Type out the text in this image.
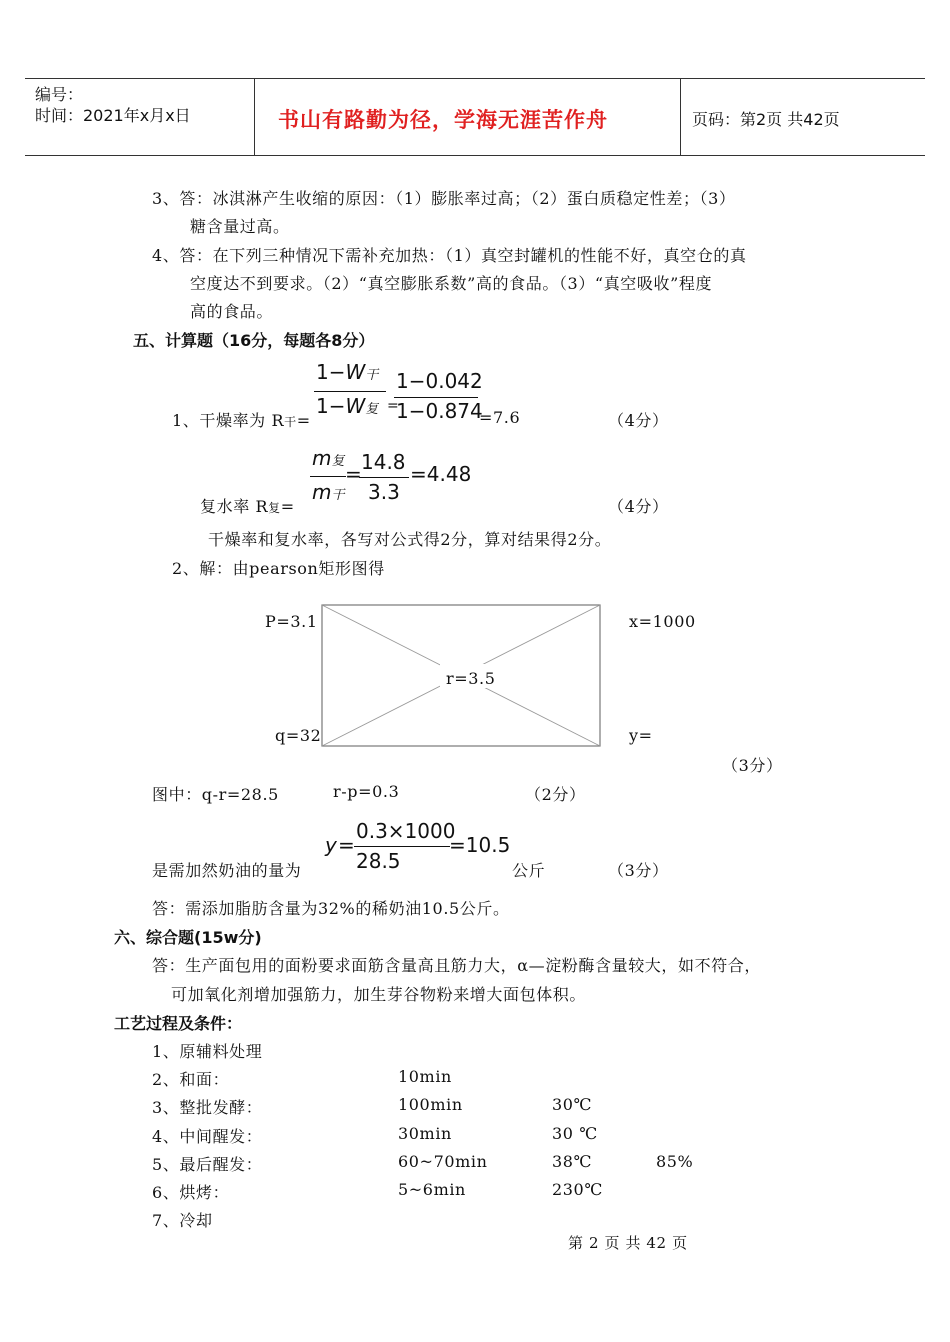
编号：
时间：2021年x月x日	书山有路勤为径，学海无涯苦作舟	页码：第2页 共42页
3、答：冰淇淋产生收缩的原因：（1）膨胀率过高；（2）蛋白质稳定性差；（3）
糖含量过高。
4、答：在下列三种情况下需补充加热：（1）真空封罐机的性能不好，真空仓的真
空度达不到要求。（2）“真空膨胀系数”高的食品。（3）“真空吸收”程度
高的食品。
五、计算题（16分，每题各8分）
1、干燥率为 R干=
1−W干
1−W复 =
1−0.042
1−0.874
=7.6	（4分）
复水率 R复=
m复
m干
= 14.8
3.3
=4.48
（4分）
干燥率和复水率，各写对公式得2分，算对结果得2分。
2、解：由pearson矩形图得
P=3.1	x=1000
r=3.5
q=32	y=
（3分）
图中：q-r=28.5	r-p=0.3	（2分）
y =
0.3×1000
28.5
=10.5
是需加然奶油的量为	公斤	（3分）
答：需添加脂肪含量为32%的稀奶油10.5公斤。
六、综合题(15w分)
答：生产面包用的面粉要求面筋含量高且筋力大，α—淀粉酶含量较大，如不符合，
可加氧化剂增加强筋力，加生芽谷物粉来增大面包体积。
工艺过程及条件：
1、原辅料处理
2、和面：	10min
3、整批发酵：	100min	30℃
4、中间醒发：	30min	30 ℃
5、最后醒发：	60~70min	38℃	85%
6、烘烤：	5~6min	230℃
7、冷却
第 2 页 共 42 页
